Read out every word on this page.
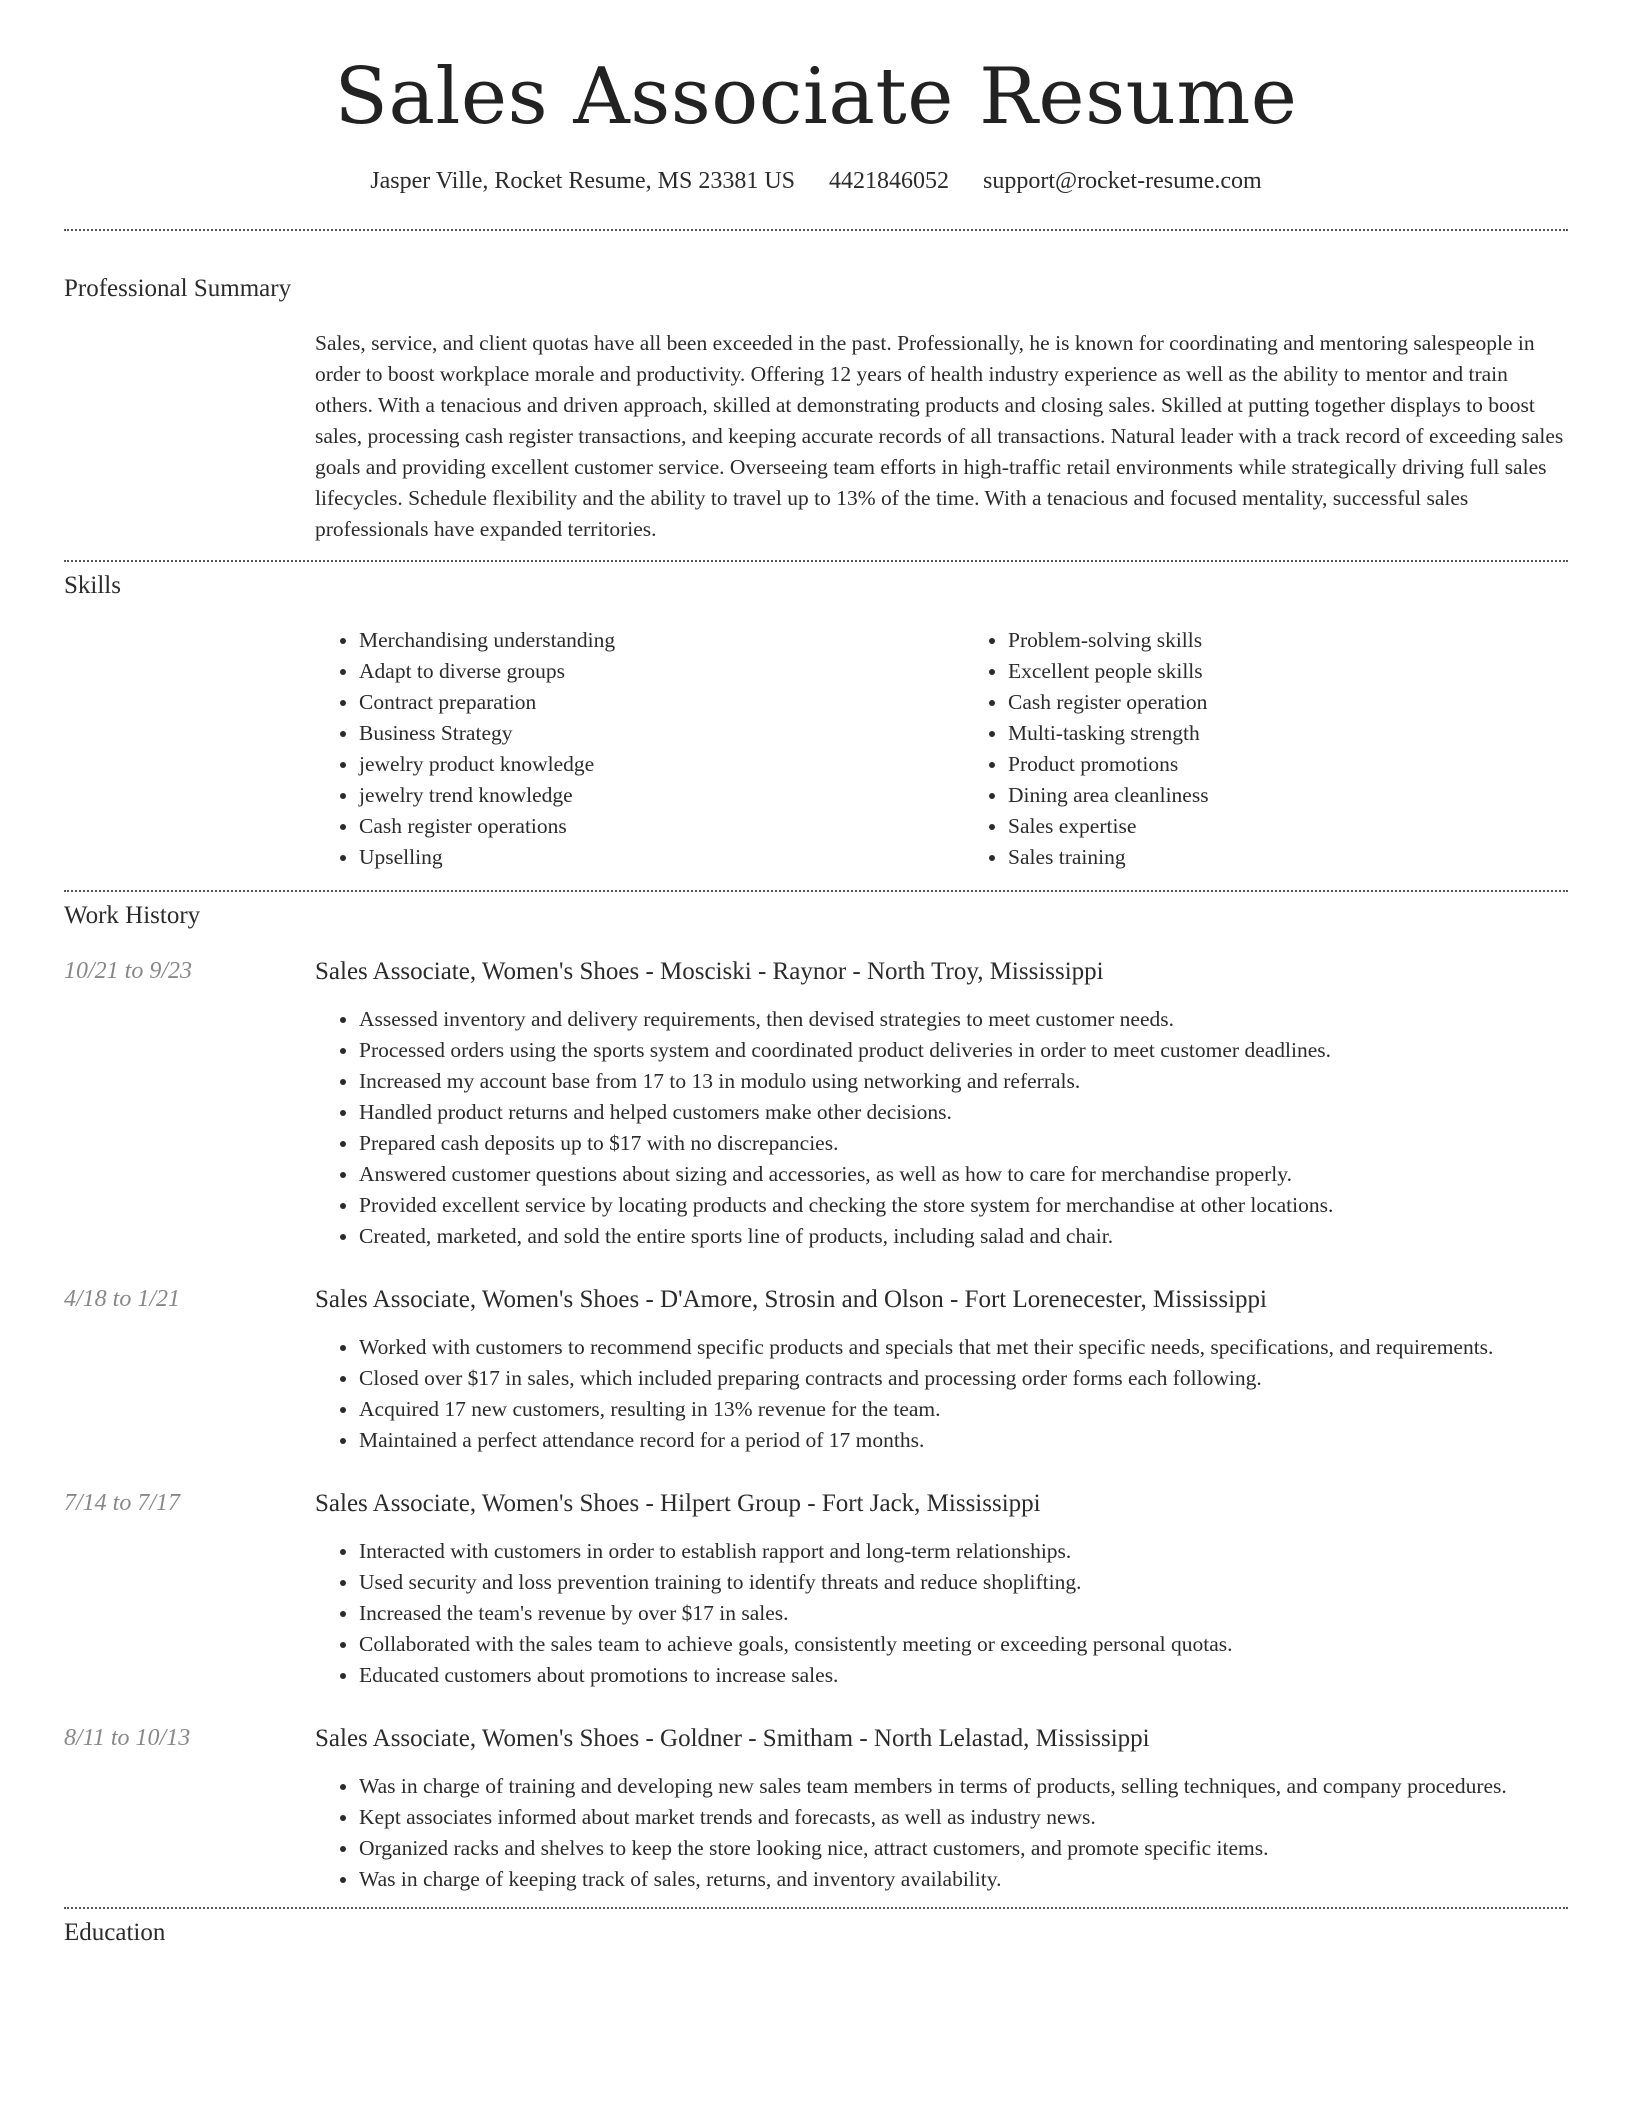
Sales Associate Resume
Jasper Ville, Rocket Resume, MS 23381 US 4421846052 support@rocket-resume.com
Professional Summary

Sales, service, and client quotas have all been exceeded in the past. Professionally, he is known for coordinating and mentoring salespeople in order to boost workplace morale and productivity. Offering 12 years of health industry experience as well as the ability to mentor and train others. With a tenacious and driven approach, skilled at demonstrating products and closing sales. Skilled at putting together displays to boost sales, processing cash register transactions, and keeping accurate records of all transactions. Natural leader with a track record of exceeding sales goals and providing excellent customer service. Overseeing team efforts in high-traffic retail environments while strategically driving full sales lifecycles. Schedule flexibility and the ability to travel up to 13% of the time. With a tenacious and focused mentality, successful sales professionals have expanded territories.

Skills
• Merchandising understanding
• Adapt to diverse groups
• Contract preparation
• Business Strategy
• jewelry product knowledge
• jewelry trend knowledge
• Cash register operations
• Upselling
• Problem-solving skills
• Excellent people skills
• Cash register operation
• Multi-tasking strength
• Product promotions
• Dining area cleanliness
• Sales expertise
• Sales training
Work History
10/21 to 9/23	Sales Associate, Women's Shoes - Mosciski - Raynor - North Troy, Mississippi
• Assessed inventory and delivery requirements, then devised strategies to meet customer needs.
• Processed orders using the sports system and coordinated product deliveries in order to meet customer deadlines.
• Increased my account base from 17 to 13 in modulo using networking and referrals.
• Handled product returns and helped customers make other decisions.
• Prepared cash deposits up to $17 with no discrepancies.
• Answered customer questions about sizing and accessories, as well as how to care for merchandise properly.
• Provided excellent service by locating products and checking the store system for merchandise at other locations.
• Created, marketed, and sold the entire sports line of products, including salad and chair.
4/18 to 1/21	Sales Associate, Women's Shoes - D'Amore, Strosin and Olson - Fort Lorenecester, Mississippi
• Worked with customers to recommend specific products and specials that met their specific needs, specifications, and requirements.
• Closed over $17 in sales, which included preparing contracts and processing order forms each following.
• Acquired 17 new customers, resulting in 13% revenue for the team.
• Maintained a perfect attendance record for a period of 17 months.
7/14 to 7/17	Sales Associate, Women's Shoes - Hilpert Group - Fort Jack, Mississippi
• Interacted with customers in order to establish rapport and long-term relationships.
• Used security and loss prevention training to identify threats and reduce shoplifting.
• Increased the team's revenue by over $17 in sales.
• Collaborated with the sales team to achieve goals, consistently meeting or exceeding personal quotas.
• Educated customers about promotions to increase sales.
8/11 to 10/13	Sales Associate, Women's Shoes - Goldner - Smitham - North Lelastad, Mississippi
• Was in charge of training and developing new sales team members in terms of products, selling techniques, and company procedures.
• Kept associates informed about market trends and forecasts, as well as industry news.
• Organized racks and shelves to keep the store looking nice, attract customers, and promote specific items.
• Was in charge of keeping track of sales, returns, and inventory availability.
Education
